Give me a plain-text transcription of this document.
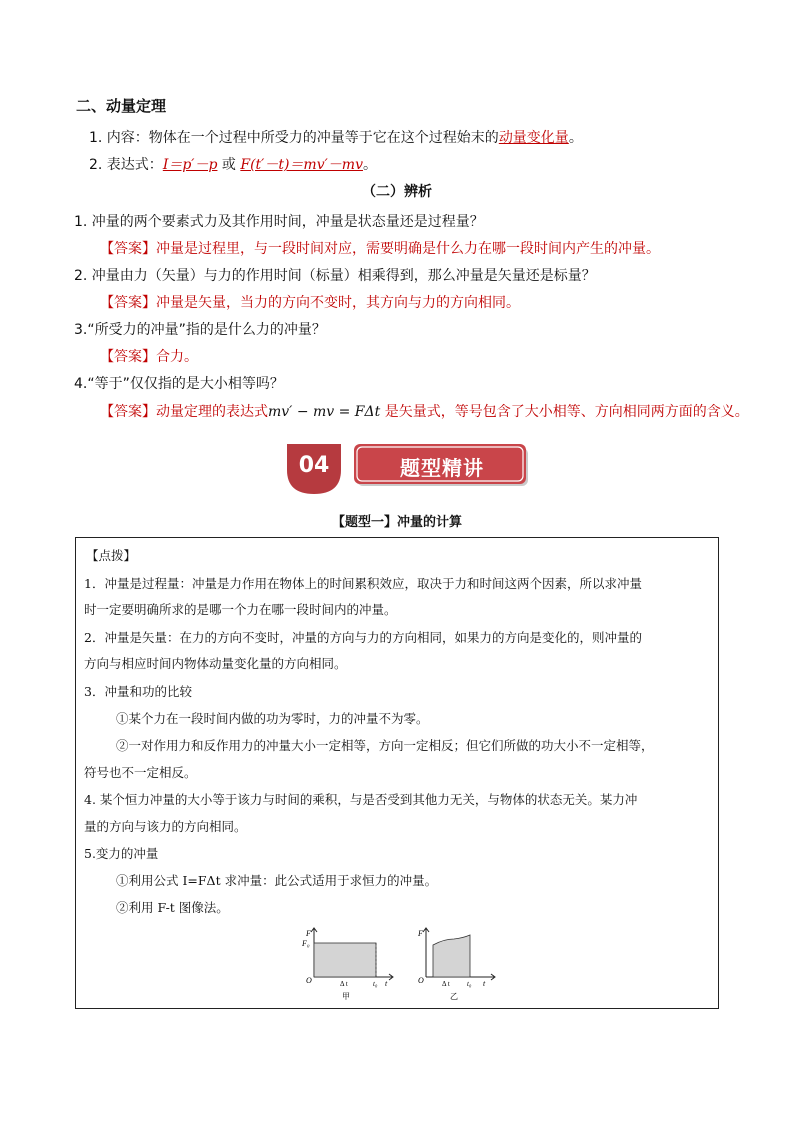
二、动量定理
1. 内容：物体在一个过程中所受力的冲量等于它在这个过程始末的动量变化量。
2. 表达式：I＝p′－p 或 F(t′－t)＝mv′－mv。
（二）辨析
1. 冲量的两个要素式力及其作用时间，冲量是状态量还是过程量？
【答案】冲量是过程里，与一段时间对应，需要明确是什么力在哪一段时间内产生的冲量。
2. 冲量由力（矢量）与力的作用时间（标量）相乘得到，那么冲量是矢量还是标量？
【答案】冲量是矢量，当力的方向不变时，其方向与力的方向相同。
3.“所受力的冲量”指的是什么力的冲量？
【答案】合力。
4.“等于”仅仅指的是大小相等吗？
【答案】动量定理的表达式mv′ − mv = FΔt 是矢量式，等号包含了大小相等、方向相同两方面的含义。
题型精讲
04
【题型一】冲量的计算
【点拨】
1．冲量是过程量：冲量是力作用在物体上的时间累积效应，取决于力和时间这两个因素，所以求冲量
时一定要明确所求的是哪一个力在哪一段时间内的冲量。
2．冲量是矢量：在力的方向不变时，冲量的方向与力的方向相同，如果力的方向是变化的，则冲量的
方向与相应时间内物体动量变化量的方向相同。
3．冲量和功的比较
①某个力在一段时间内做的功为零时，力的冲量不为零。
②一对作用力和反作用力的冲量大小一定相等，方向一定相反；但它们所做的功大小不一定相等，
符号也不一定相反。
4. 某个恒力冲量的大小等于该力与时间的乘积，与是否受到其他力无关，与物体的状态无关。某力冲
量的方向与该力的方向相同。
5.变力的冲量
①利用公式 I=FΔt 求冲量：此公式适用于求恒力的冲量。
②利用 F-t 图像法。
F
F₀
O	Δ t	t₀ t
甲
F
O	Δ t t₀ t
乙
